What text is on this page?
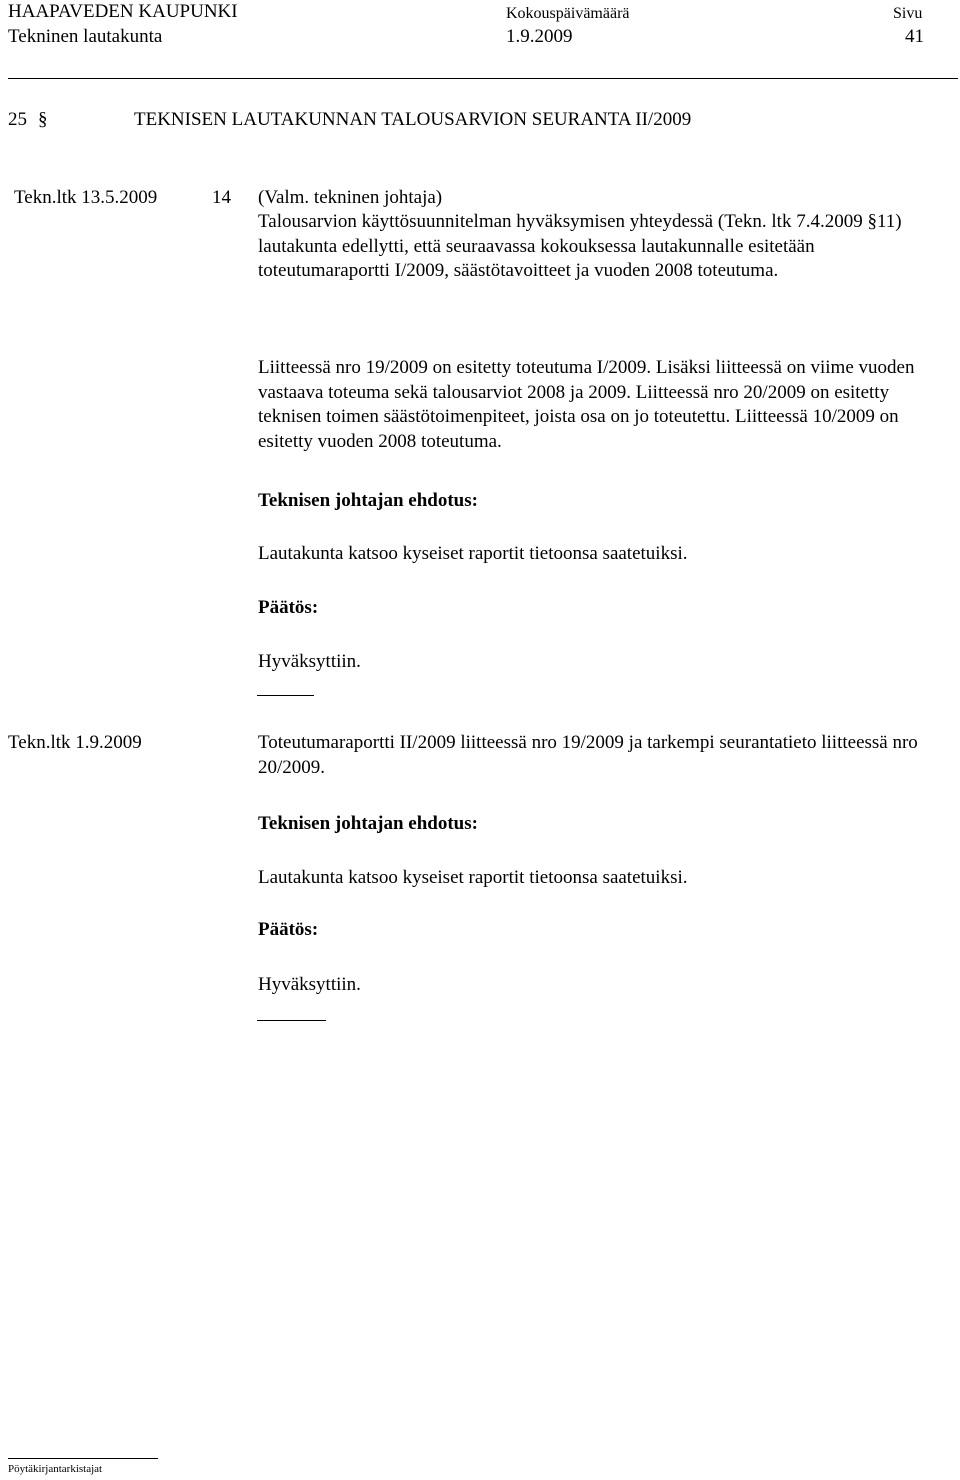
HAAPAVEDEN KAUPUNKI
Tekninen lautakunta
Kokouspäivämäärä
1.9.2009
Sivu
41
25 §	TEKNISEN LAUTAKUNNAN TALOUSARVION SEURANTA II/2009
Tekn.ltk 13.5.2009	14 (Valm. tekninen johtaja)
Talousarvion käyttösuunnitelman hyväksymisen yhteydessä (Tekn. ltk 7.4.2009 §11) lautakunta edellytti, että seuraavassa kokouksessa lautakunnalle esitetään toteutumaraportti I/2009, säästötavoitteet ja vuoden 2008 toteutuma.
Liitteessä nro 19/2009 on esitetty toteutuma I/2009. Lisäksi liitteessä on viime vuoden vastaava toteuma sekä talousarviot 2008 ja 2009. Liitteessä nro 20/2009 on esitetty teknisen toimen säästötoimenpiteet, joista osa on jo toteutettu. Liitteessä 10/2009 on esitetty vuoden 2008 toteutuma.
Teknisen johtajan ehdotus:
Lautakunta katsoo kyseiset raportit tietoonsa saatetuiksi.
Päätös:
Hyväksyttiin.
Tekn.ltk 1.9.2009	Toteutumaraportti II/2009 liitteessä nro 19/2009 ja tarkempi seurantatieto liitteessä nro 20/2009.
Teknisen johtajan ehdotus:
Lautakunta katsoo kyseiset raportit tietoonsa saatetuiksi.
Päätös:
Hyväksyttiin.
Pöytäkirjantarkistajat
